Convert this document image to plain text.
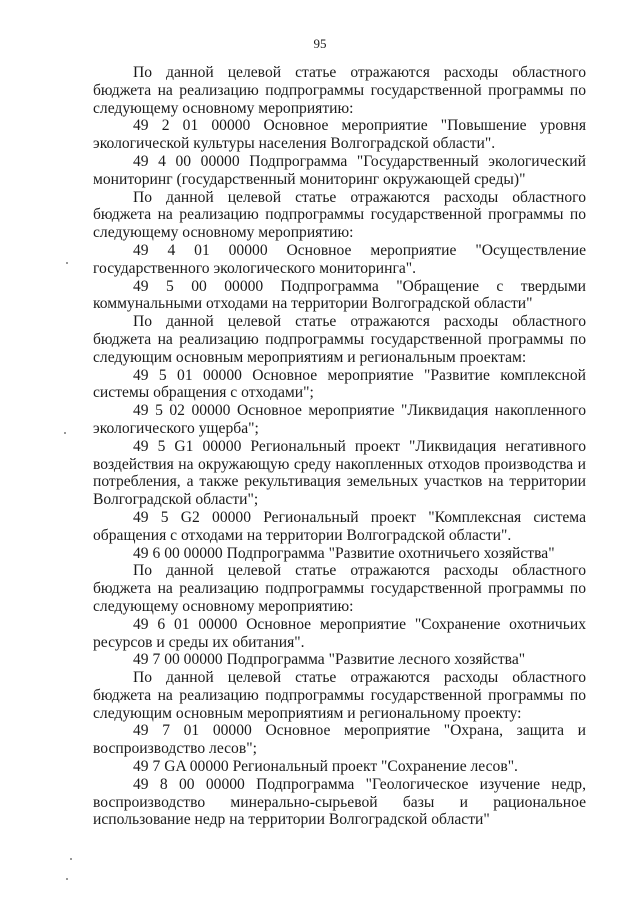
95

По данной целевой статье отражаются расходы областного бюджета на реализацию подпрограммы государственной программы по следующему основному мероприятию:

49 2 01 00000 Основное мероприятие "Повышение уровня экологической культуры населения Волгоградской области".

49 4 00 00000 Подпрограмма "Государственный экологический мониторинг (государственный мониторинг окружающей среды)"

По данной целевой статье отражаются расходы областного бюджета на реализацию подпрограммы государственной программы по следующему основному мероприятию:

49 4 01 00000 Основное мероприятие "Осуществление государственного экологического мониторинга".

49 5 00 00000 Подпрограмма "Обращение с твердыми коммунальными отходами на территории Волгоградской области"

По данной целевой статье отражаются расходы областного бюджета на реализацию подпрограммы государственной программы по следующим основным мероприятиям и региональным проектам:

49 5 01 00000 Основное мероприятие "Развитие комплексной системы обращения с отходами";

49 5 02 00000 Основное мероприятие "Ликвидация накопленного экологического ущерба";

49 5 G1 00000 Региональный проект "Ликвидация негативного воздействия на окружающую среду накопленных отходов производства и потребления, а также рекультивация земельных участков на территории Волгоградской области";

49 5 G2 00000 Региональный проект "Комплексная система обращения с отходами на территории Волгоградской области".

49 6 00 00000 Подпрограмма "Развитие охотничьего хозяйства"

По данной целевой статье отражаются расходы областного бюджета на реализацию подпрограммы государственной программы по следующему основному мероприятию:

49 6 01 00000 Основное мероприятие "Сохранение охотничьих ресурсов и среды их обитания".

49 7 00 00000 Подпрограмма "Развитие лесного хозяйства"

По данной целевой статье отражаются расходы областного бюджета на реализацию подпрограммы государственной программы по следующим основным мероприятиям и региональному проекту:

49 7 01 00000 Основное мероприятие "Охрана, защита и воспроизводство лесов";

49 7 GA 00000 Региональный проект "Сохранение лесов".

49 8 00 00000 Подпрограмма "Геологическое изучение недр, воспроизводство минерально-сырьевой базы и рациональное использование недр на территории Волгоградской области"
